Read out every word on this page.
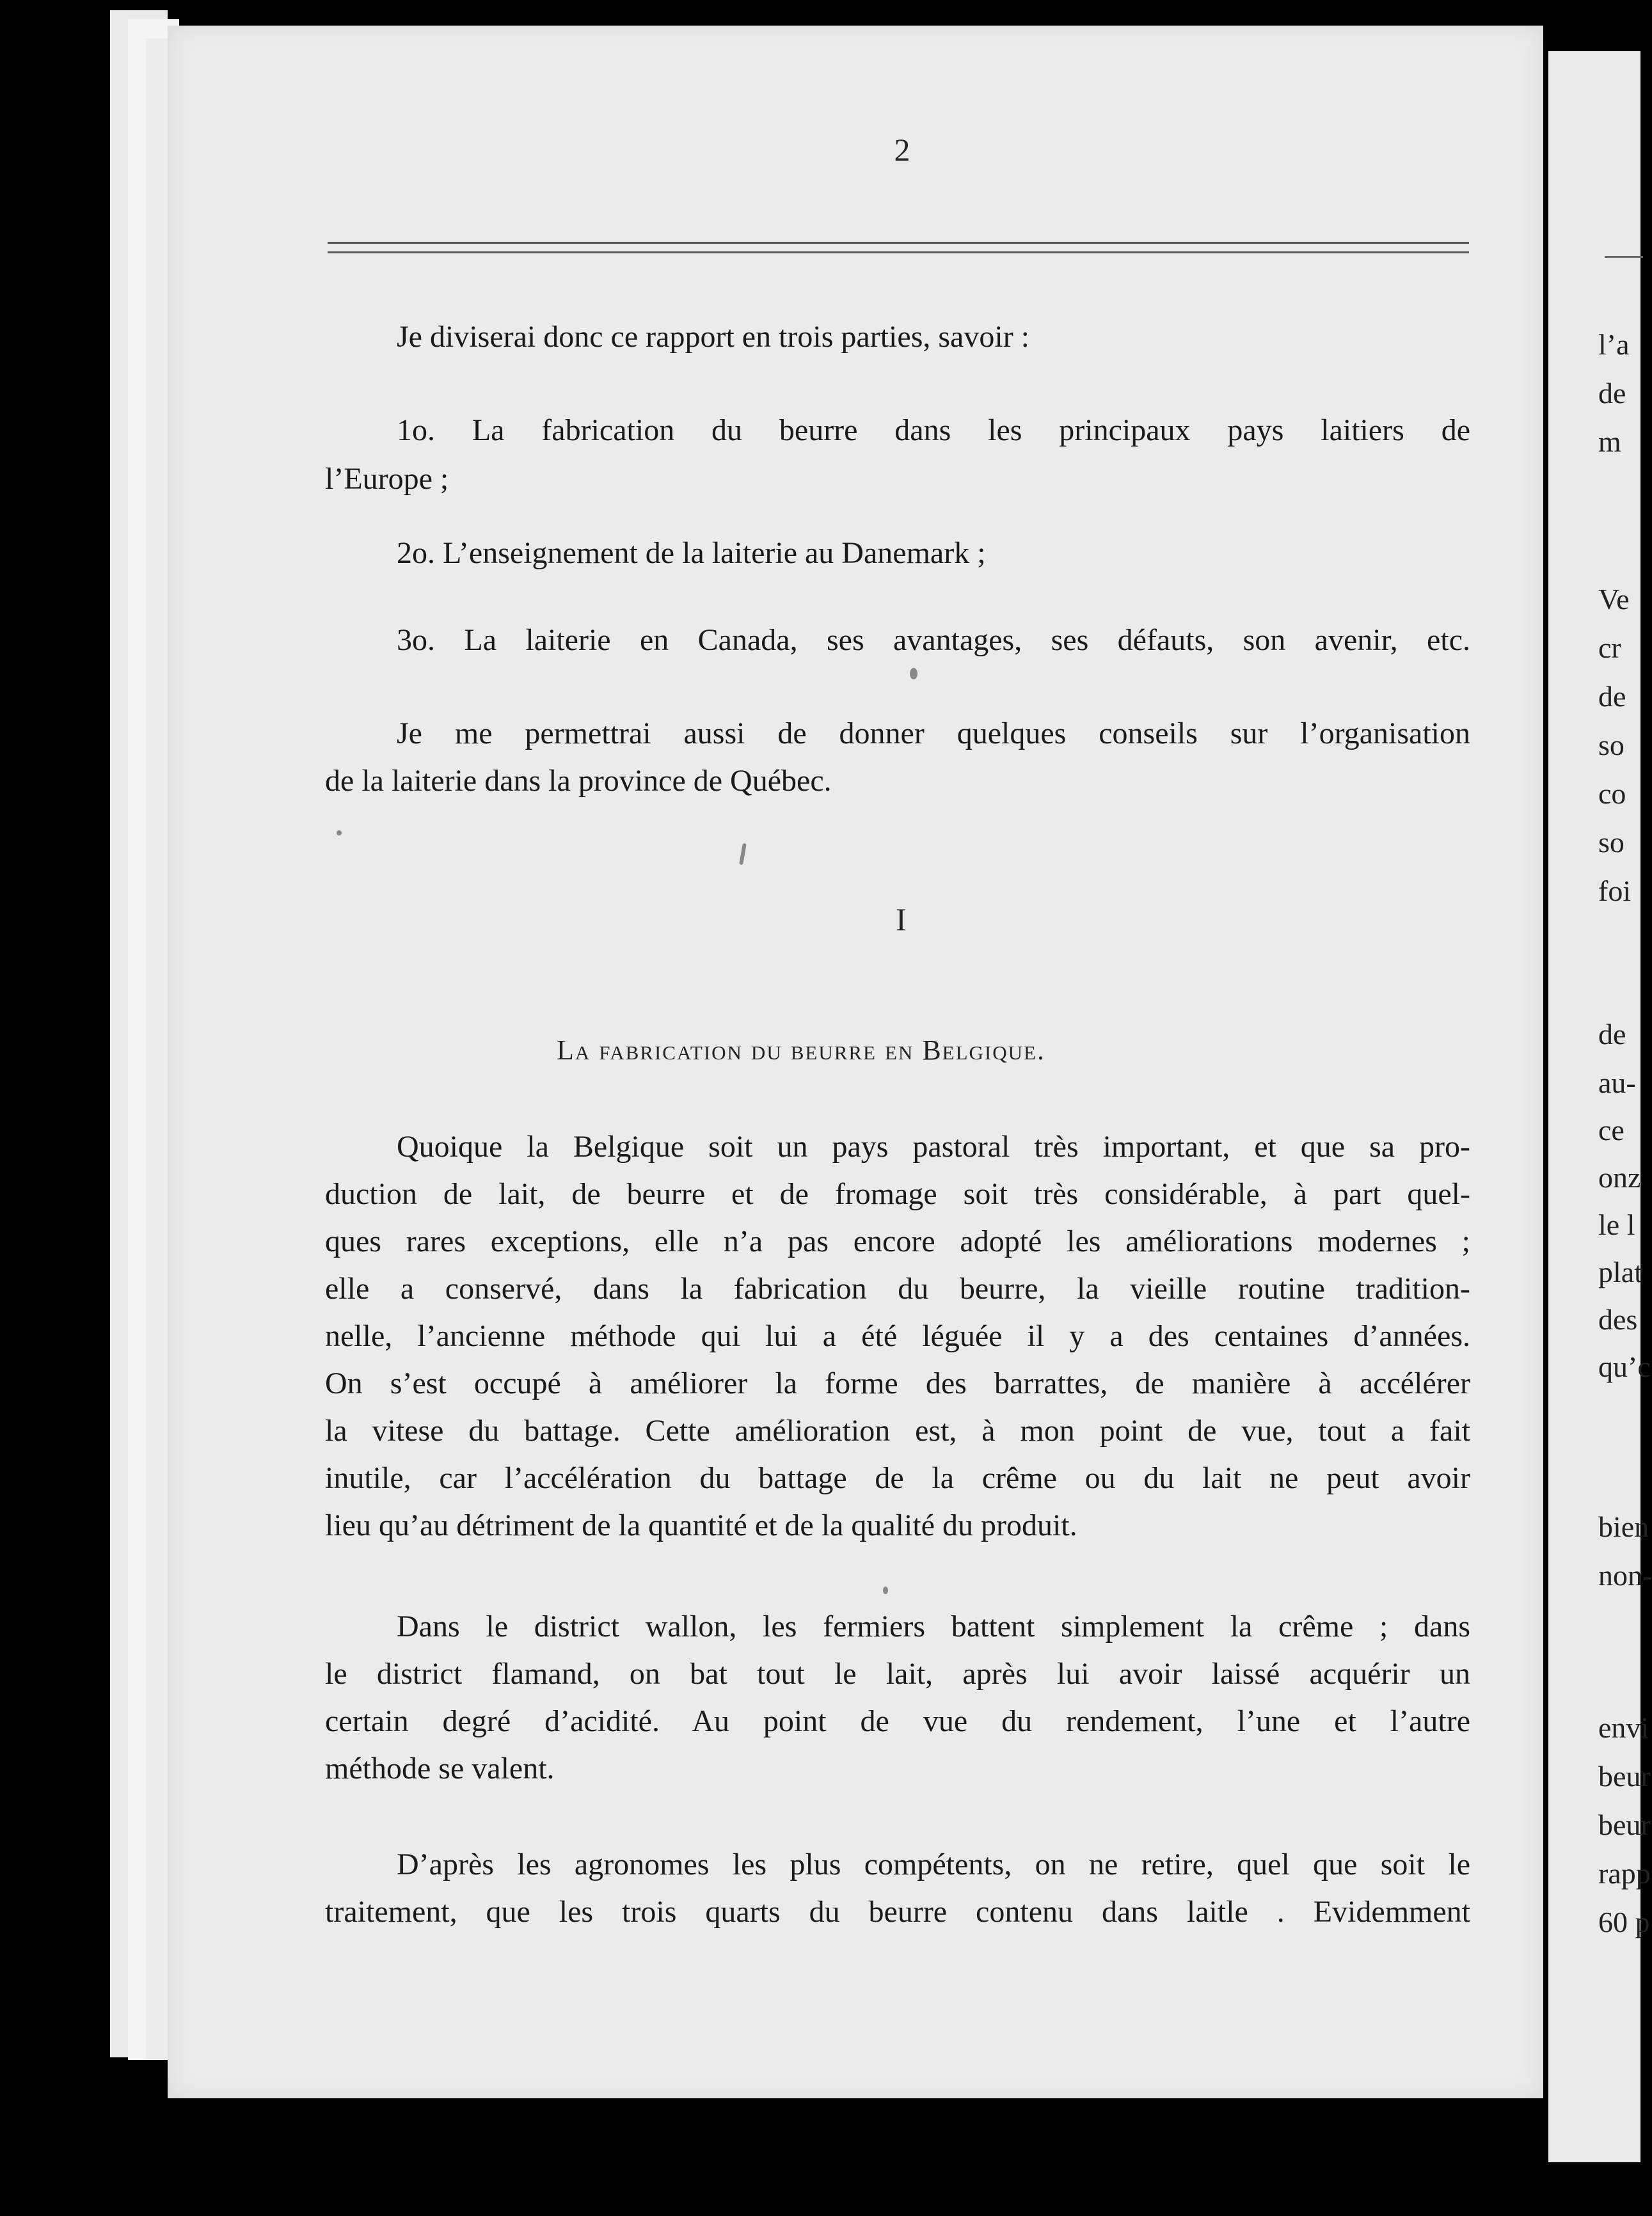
2
Je diviserai donc ce rapport en trois parties, savoir :
1o. La fabrication du beurre dans les principaux pays laitiers de
l’Europe ;
2o. L’enseignement de la laiterie au Danemark ;
3o. La laiterie en Canada, ses avantages, ses défauts, son avenir, etc.
Je me permettrai aussi de donner quelques conseils sur l’organisation
de la laiterie dans la province de Québec.
I
La fabrication du beurre en Belgique.
Quoique la Belgique soit un pays pastoral très important, et que sa pro-
duction de lait, de beurre et de fromage soit très considérable, à part quel-
ques rares exceptions, elle n’a pas encore adopté les améliorations modernes ;
elle a conservé, dans la fabrication du beurre, la vieille routine tradition-
nelle, l’ancienne méthode qui lui a été léguée il y a des centaines d’années.
On s’est occupé à améliorer la forme des barrattes, de manière à accélérer
la vitese du battage. Cette amélioration est, à mon point de vue, tout a fait
inutile, car l’accélération du battage de la crême ou du lait ne peut avoir
lieu qu’au détriment de la quantité et de la qualité du produit.
Dans le district wallon, les fermiers battent simplement la crême ; dans
le district flamand, on bat tout le lait, après lui avoir laissé acquérir un
certain degré d’acidité. Au point de vue du rendement, l’une et l’autre
méthode se valent.
D’après les agronomes les plus compétents, on ne retire, quel que soit le
traitement, que les trois quarts du beurre contenu dans laitle . Evidemment
l’a
de
m
Ve
cr
de
so
co
so
foi
de
au-
ce
onz
le l
plat
des
qu’c
bien
non-
envi
beur
beur
rapp
60 p
